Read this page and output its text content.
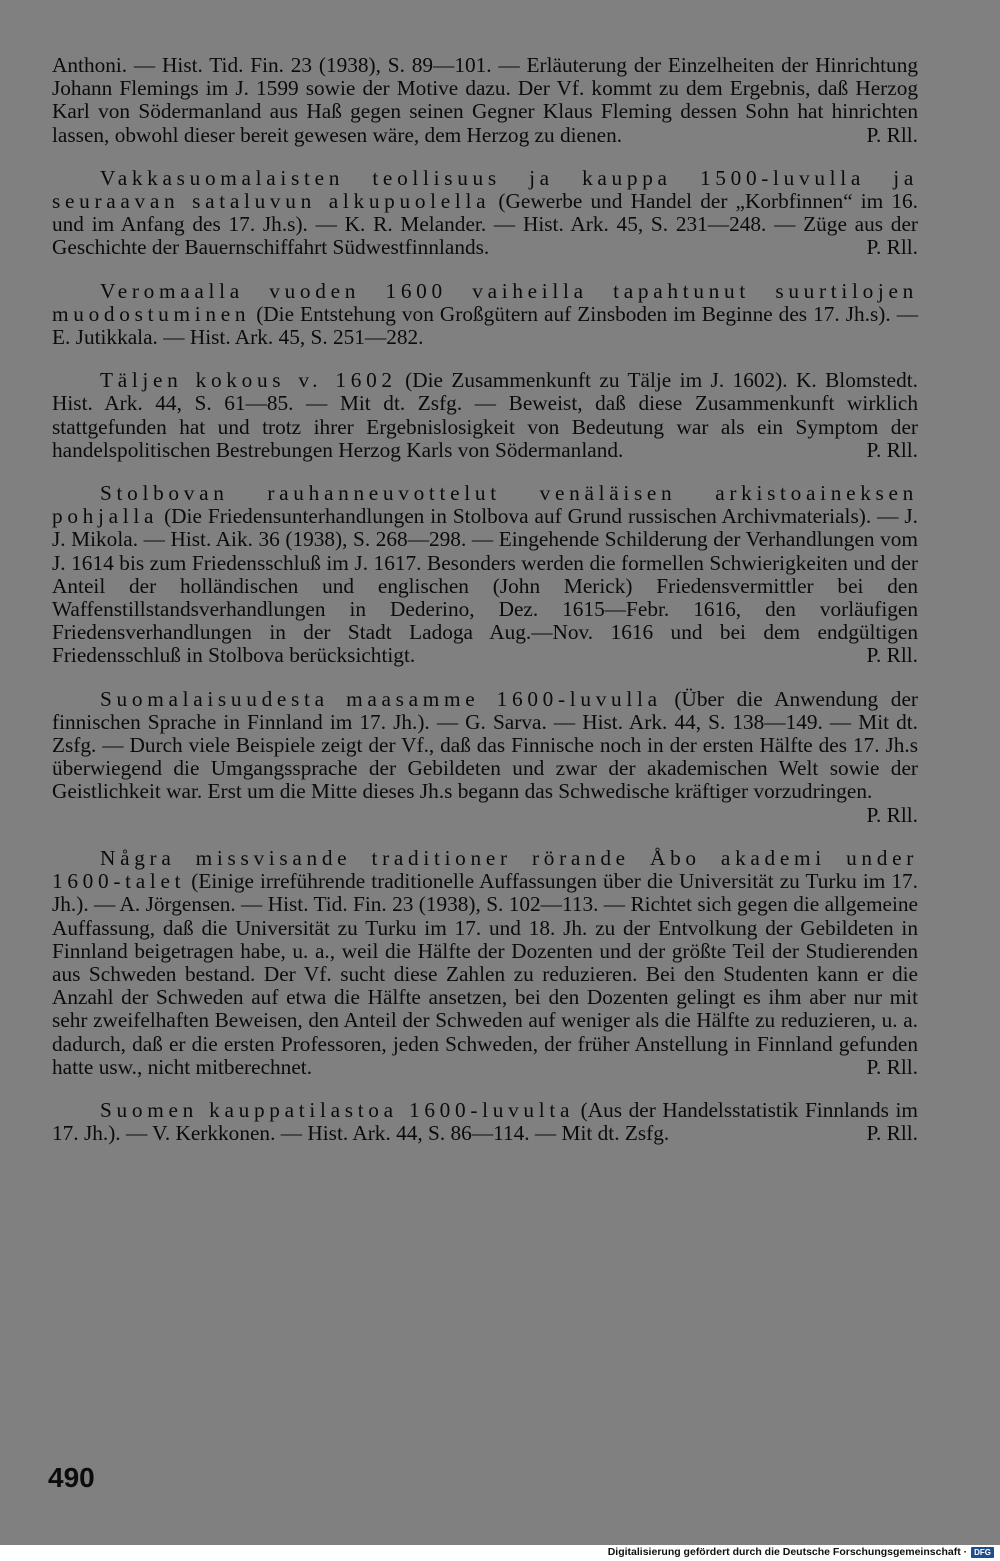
Anthoni. — Hist. Tid. Fin. 23 (1938), S. 89—101. — Erläuterung der Einzelheiten der Hinrichtung Johann Flemings im J. 1599 sowie der Motive dazu. Der Vf. kommt zu dem Ergebnis, daß Herzog Karl von Södermanland aus Haß gegen seinen Gegner Klaus Fleming dessen Sohn hat hinrichten lassen, obwohl dieser bereit gewesen wäre, dem Herzog zu dienen.	P. Rll.

Vakkasuomalaisten teollisuus ja kauppa 1500-luvulla ja seuraavan sataluvun alkupuolella (Gewerbe und Handel der „Korbfinnen“ im 16. und im Anfang des 17. Jh.s). — K. R. Melander. — Hist. Ark. 45, S. 231—248. — Züge aus der Geschichte der Bauernschiffahrt Südwestfinnlands.	P. Rll.

Veromaalla vuoden 1600 vaiheilla tapahtunut suurtilojen muodostuminen (Die Entstehung von Großgütern auf Zinsboden im Beginne des 17. Jh.s). — E. Jutikkala. — Hist. Ark. 45, S. 251—282.

Täljen kokous v. 1602 (Die Zusammenkunft zu Tälje im J. 1602). K. Blomstedt. Hist. Ark. 44, S. 61—85. — Mit dt. Zsfg. — Beweist, daß diese Zusammenkunft wirklich stattgefunden hat und trotz ihrer Ergebnislosigkeit von Bedeutung war als ein Symptom der handelspolitischen Bestrebungen Herzog Karls von Södermanland.	P. Rll.

Stolbovan rauhanneuvottelut venäläisen arkistoaineksen pohjalla (Die Friedensunterhandlungen in Stolbova auf Grund russischen Archivmaterials). — J. J. Mikola. — Hist. Aik. 36 (1938), S. 268—298. — Eingehende Schilderung der Verhandlungen vom J. 1614 bis zum Friedensschluß im J. 1617. Besonders werden die formellen Schwierigkeiten und der Anteil der holländischen und englischen (John Merick) Friedensvermittler bei den Waffenstillstandsverhandlungen in Dederino, Dez. 1615—Febr. 1616, den vorläufigen Friedensverhandlungen in der Stadt Ladoga Aug.—Nov. 1616 und bei dem endgültigen Friedensschluß in Stolbova berücksichtigt.	P. Rll.

Suomalaisuudesta maasamme 1600-luvulla (Über die Anwendung der finnischen Sprache in Finnland im 17. Jh.). — G. Sarva. — Hist. Ark. 44, S. 138—149. — Mit dt. Zsfg. — Durch viele Beispiele zeigt der Vf., daß das Finnische noch in der ersten Hälfte des 17. Jh.s überwiegend die Umgangssprache der Gebildeten und zwar der akademischen Welt sowie der Geistlichkeit war. Erst um die Mitte dieses Jh.s begann das Schwedische kräftiger vorzudringen.
P. Rll.

Några missvisande traditioner rörande Åbo akademi under 1600-talet (Einige irreführende traditionelle Auffassungen über die Universität zu Turku im 17. Jh.). — A. Jörgensen. — Hist. Tid. Fin. 23 (1938), S. 102—113. — Richtet sich gegen die allgemeine Auffassung, daß die Universität zu Turku im 17. und 18. Jh. zu der Entvolkung der Gebildeten in Finnland beigetragen habe, u. a., weil die Hälfte der Dozenten und der größte Teil der Studierenden aus Schweden bestand. Der Vf. sucht diese Zahlen zu reduzieren. Bei den Studenten kann er die Anzahl der Schweden auf etwa die Hälfte ansetzen, bei den Dozenten gelingt es ihm aber nur mit sehr zweifelhaften Beweisen, den Anteil der Schweden auf weniger als die Hälfte zu reduzieren, u. a. dadurch, daß er die ersten Professoren, jeden Schweden, der früher Anstellung in Finnland gefunden hatte usw., nicht mitberechnet.	P. Rll.

Suomen kauppatilastoa 1600-luvulta (Aus der Handelsstatistik Finnlands im 17. Jh.). — V. Kerkkonen. — Hist. Ark. 44, S. 86—114. — Mit dt. Zsfg.	P. Rll.

490
Digitalisierung gefördert durch die Deutsche Forschungsgemeinschaft · DFG
